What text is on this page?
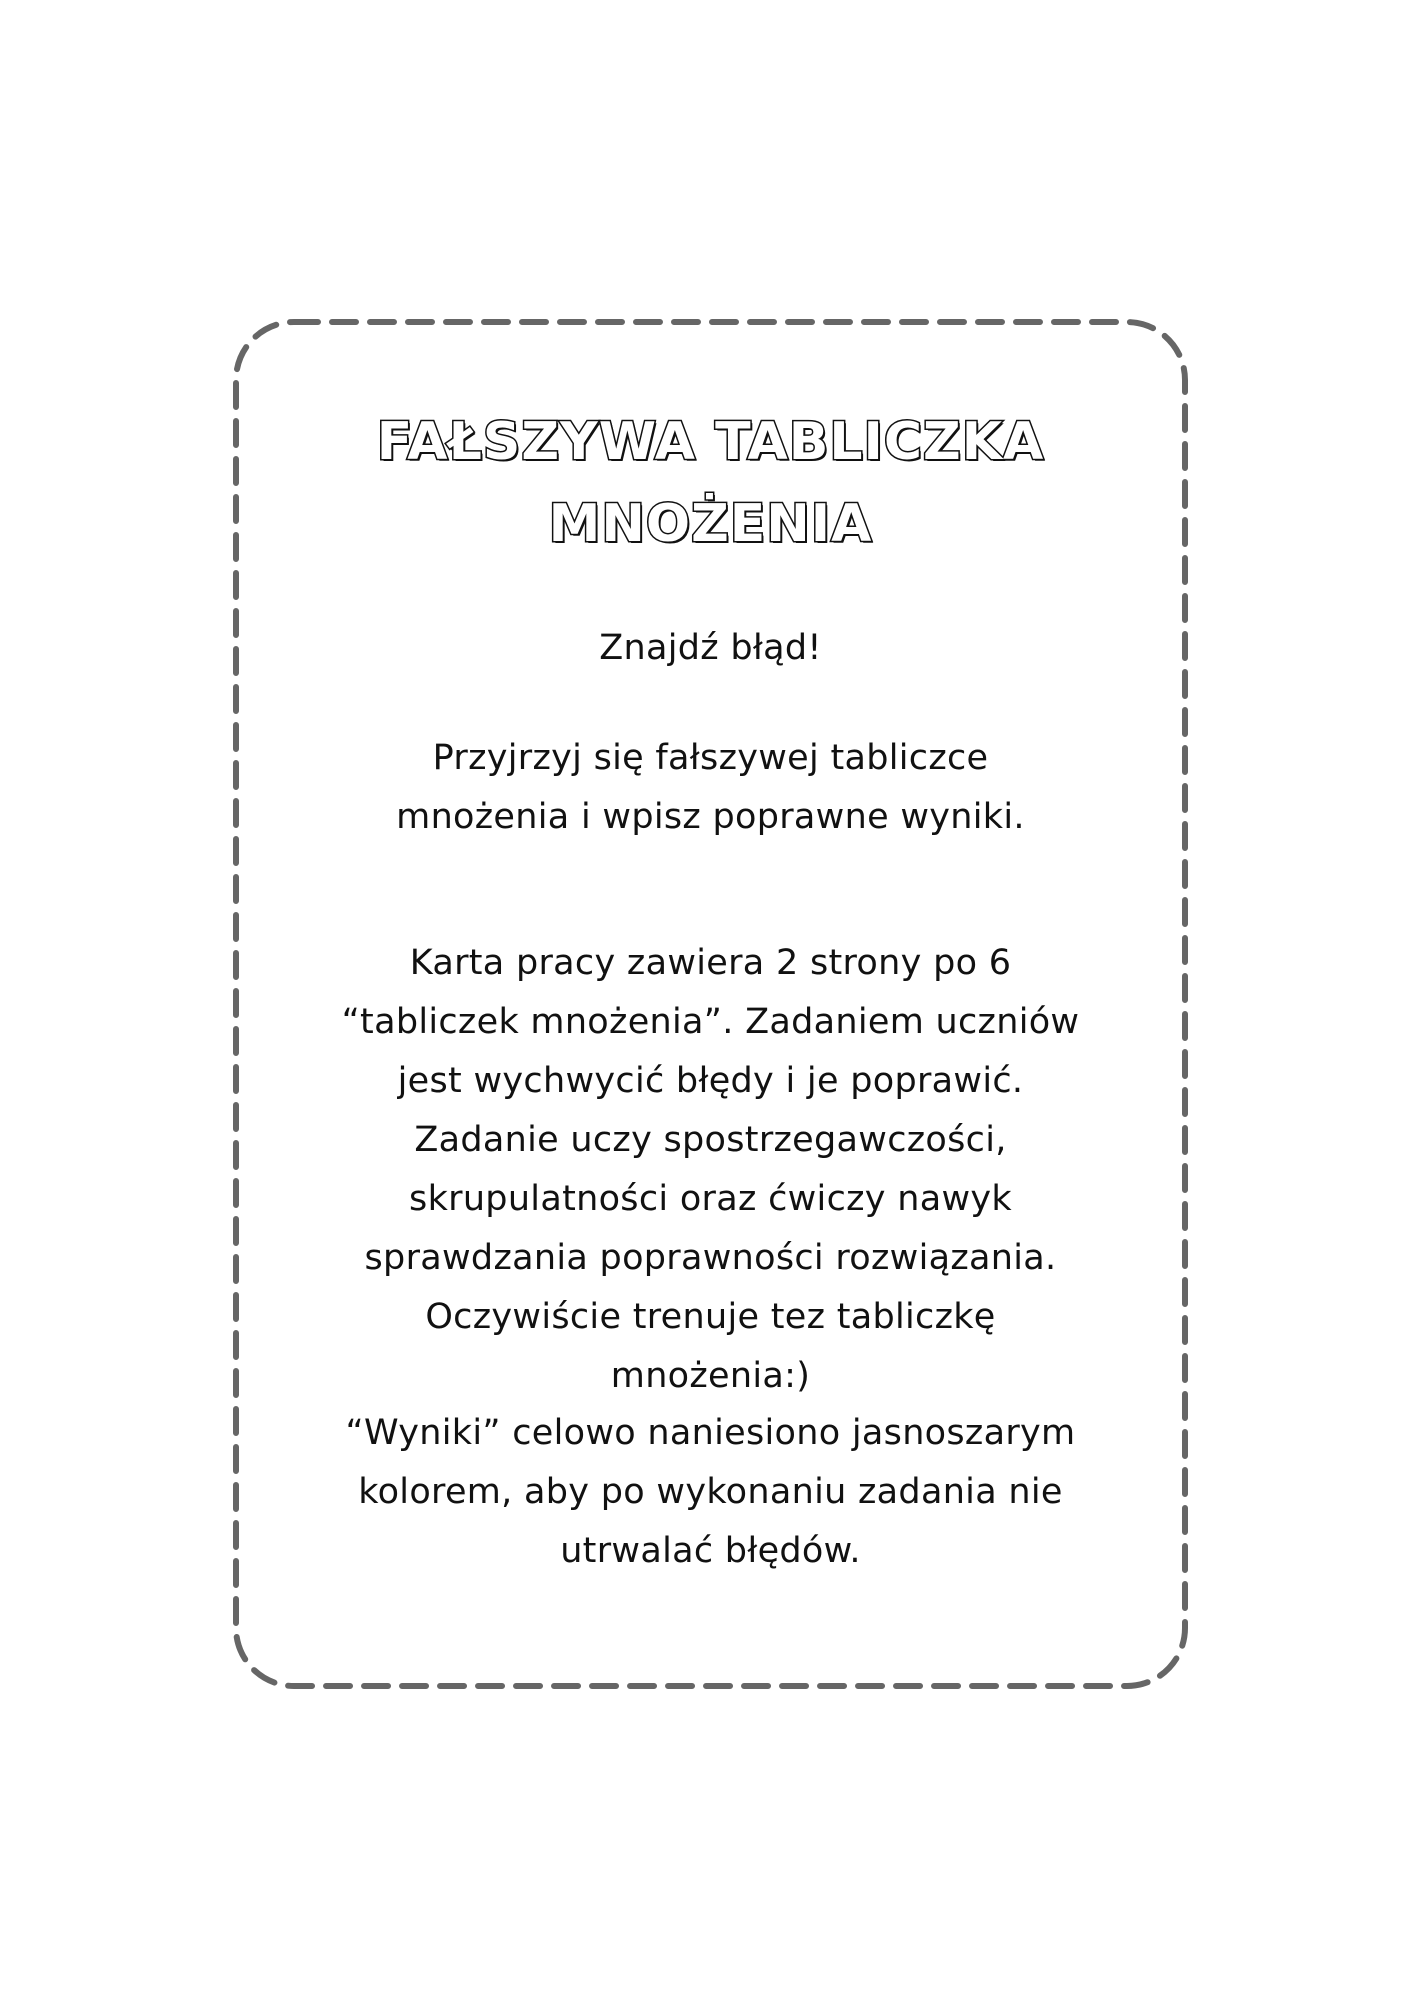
FAŁSZYWA TABLICZKA
MNOŻENIA
Znajdź błąd!
Przyjrzyj się fałszywej tabliczce
mnożenia i wpisz poprawne wyniki.
Karta pracy zawiera 2 strony po 6
“tabliczek mnożenia”. Zadaniem uczniów
jest wychwycić błędy i je poprawić.
Zadanie uczy spostrzegawczości,
skrupulatności oraz ćwiczy nawyk
sprawdzania poprawności rozwiązania.
Oczywiście trenuje tez tabliczkę
mnożenia:)
“Wyniki” celowo naniesiono jasnoszarym
kolorem, aby po wykonaniu zadania nie
utrwalać błędów.
